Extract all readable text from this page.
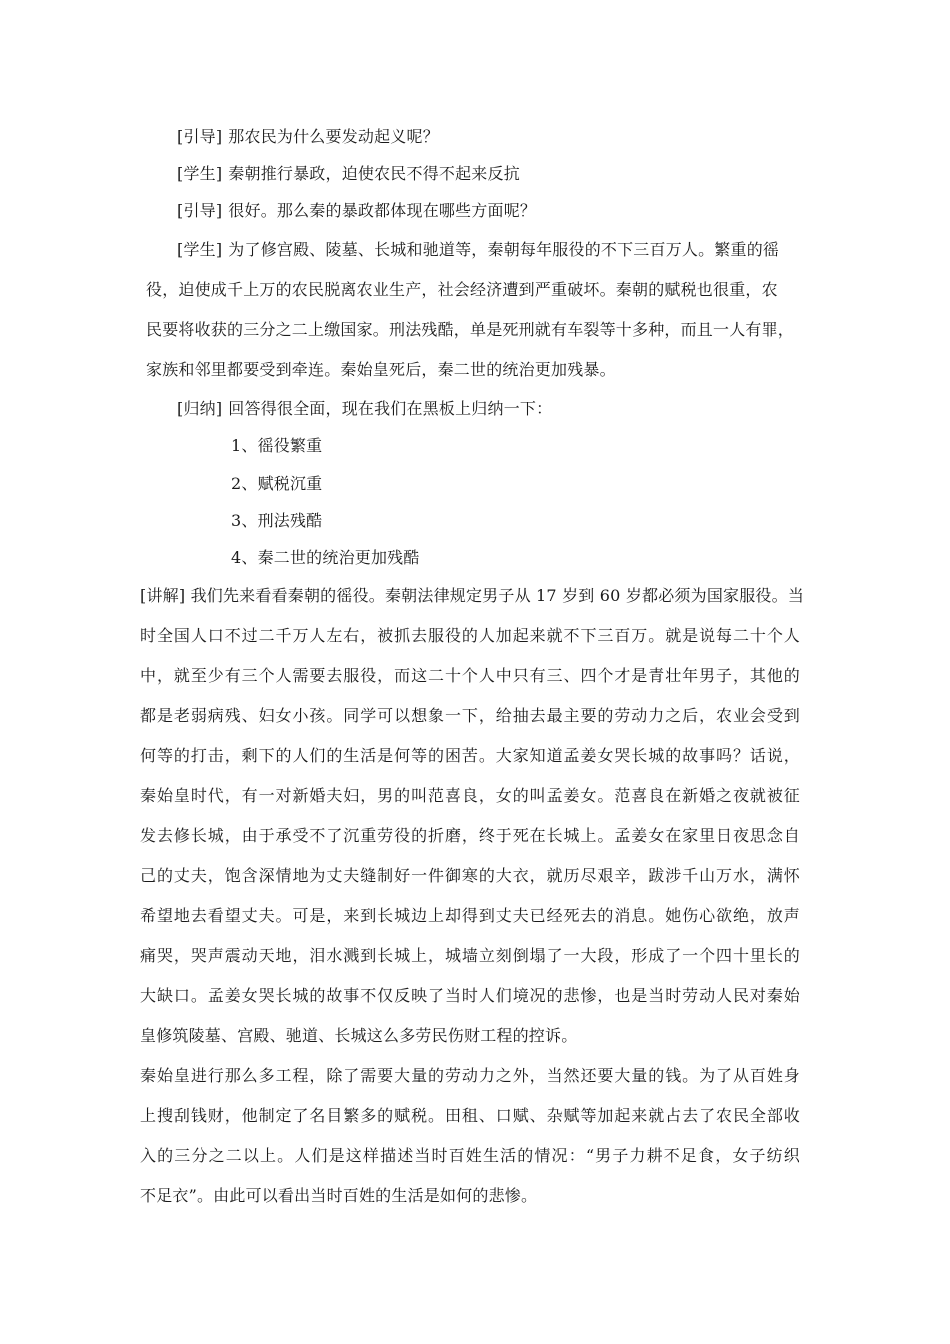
[引导] 那农民为什么要发动起义呢？
[学生] 秦朝推行暴政，迫使农民不得不起来反抗
[引导] 很好。那么秦的暴政都体现在哪些方面呢？
[学生] 为了修宫殿、陵墓、长城和驰道等，秦朝每年服役的不下三百万人。繁重的徭
役，迫使成千上万的农民脱离农业生产，社会经济遭到严重破坏。秦朝的赋税也很重，农
民要将收获的三分之二上缴国家。刑法残酷，单是死刑就有车裂等十多种，而且一人有罪，
家族和邻里都要受到牵连。秦始皇死后，秦二世的统治更加残暴。
[归纳] 回答得很全面，现在我们在黑板上归纳一下：
1、徭役繁重
2、赋税沉重
3、刑法残酷
4、秦二世的统治更加残酷
[讲解] 我们先来看看秦朝的徭役。秦朝法律规定男子从 17 岁到 60 岁都必须为国家服役。当
时全国人口不过二千万人左右，被抓去服役的人加起来就不下三百万。就是说每二十个人
中，就至少有三个人需要去服役，而这二十个人中只有三、四个才是青壮年男子，其他的
都是老弱病残、妇女小孩。同学可以想象一下，给抽去最主要的劳动力之后，农业会受到
何等的打击，剩下的人们的生活是何等的困苦。大家知道孟姜女哭长城的故事吗？话说，
秦始皇时代，有一对新婚夫妇，男的叫范喜良，女的叫孟姜女。范喜良在新婚之夜就被征
发去修长城，由于承受不了沉重劳役的折磨，终于死在长城上。孟姜女在家里日夜思念自
己的丈夫，饱含深情地为丈夫缝制好一件御寒的大衣，就历尽艰辛，跋涉千山万水，满怀
希望地去看望丈夫。可是，来到长城边上却得到丈夫已经死去的消息。她伤心欲绝，放声
痛哭，哭声震动天地，泪水溅到长城上，城墙立刻倒塌了一大段，形成了一个四十里长的
大缺口。孟姜女哭长城的故事不仅反映了当时人们境况的悲惨，也是当时劳动人民对秦始
皇修筑陵墓、宫殿、驰道、长城这么多劳民伤财工程的控诉。
秦始皇进行那么多工程，除了需要大量的劳动力之外，当然还要大量的钱。为了从百姓身
上搜刮钱财，他制定了名目繁多的赋税。田租、口赋、杂赋等加起来就占去了农民全部收
入的三分之二以上。人们是这样描述当时百姓生活的情况：“男子力耕不足食，女子纺织
不足衣”。由此可以看出当时百姓的生活是如何的悲惨。
